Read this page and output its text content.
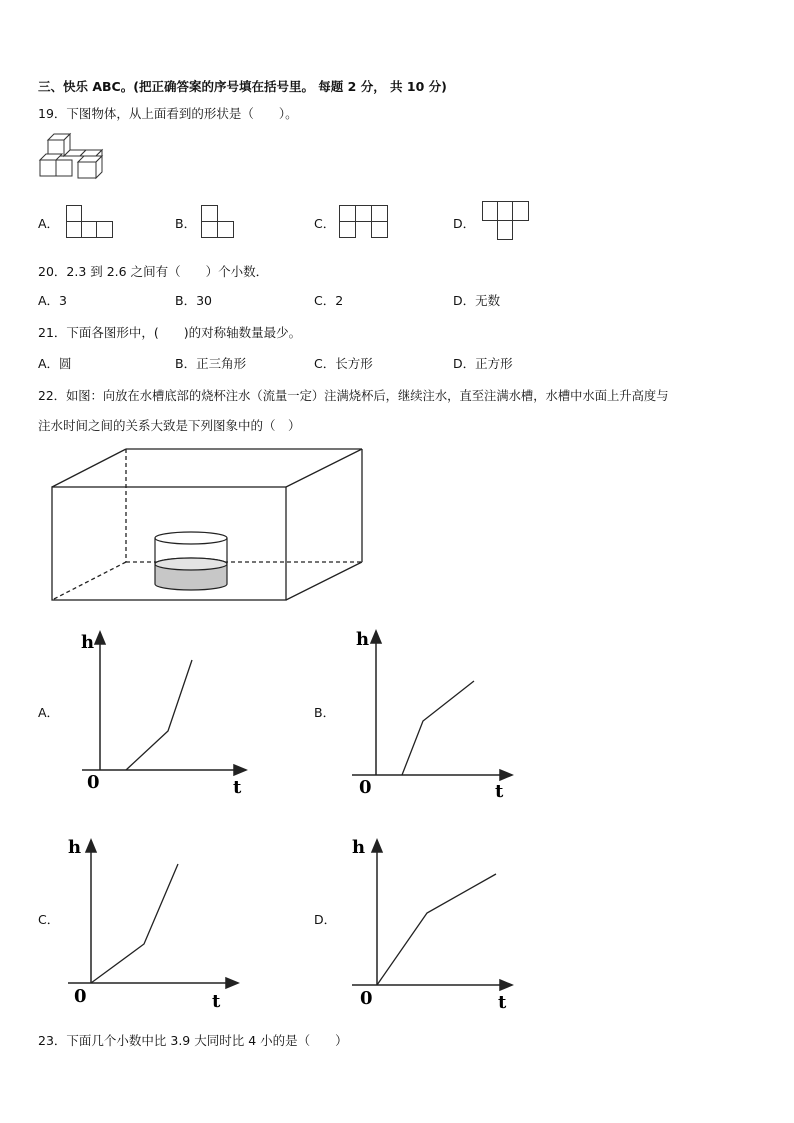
三、快乐 ABC。(把正确答案的序号填在括号里。 每题 2 分， 共 10 分)
19．下图物体，从上面看到的形状是（　　）。
A．	B．	C．	D．
20．2.3 到 2.6 之间有（　　）个小数．
A．3	B．30	C．2	D．无数
21．下面各图形中，(　　)的对称轴数量最少。
A．圆	B．正三角形	C．长方形	D．正方形
22．如图：向放在水槽底部的烧杯注水（流量一定）注满烧杯后，继续注水，直至注满水槽，水槽中水面上升高度与
注水时间之间的关系大致是下列图象中的（　）
A．
h
0	t
B．
h
0	t
C．
h
0	t
D．
h
0	t
23．下面几个小数中比 3.9 大同时比 4 小的是（　　）
